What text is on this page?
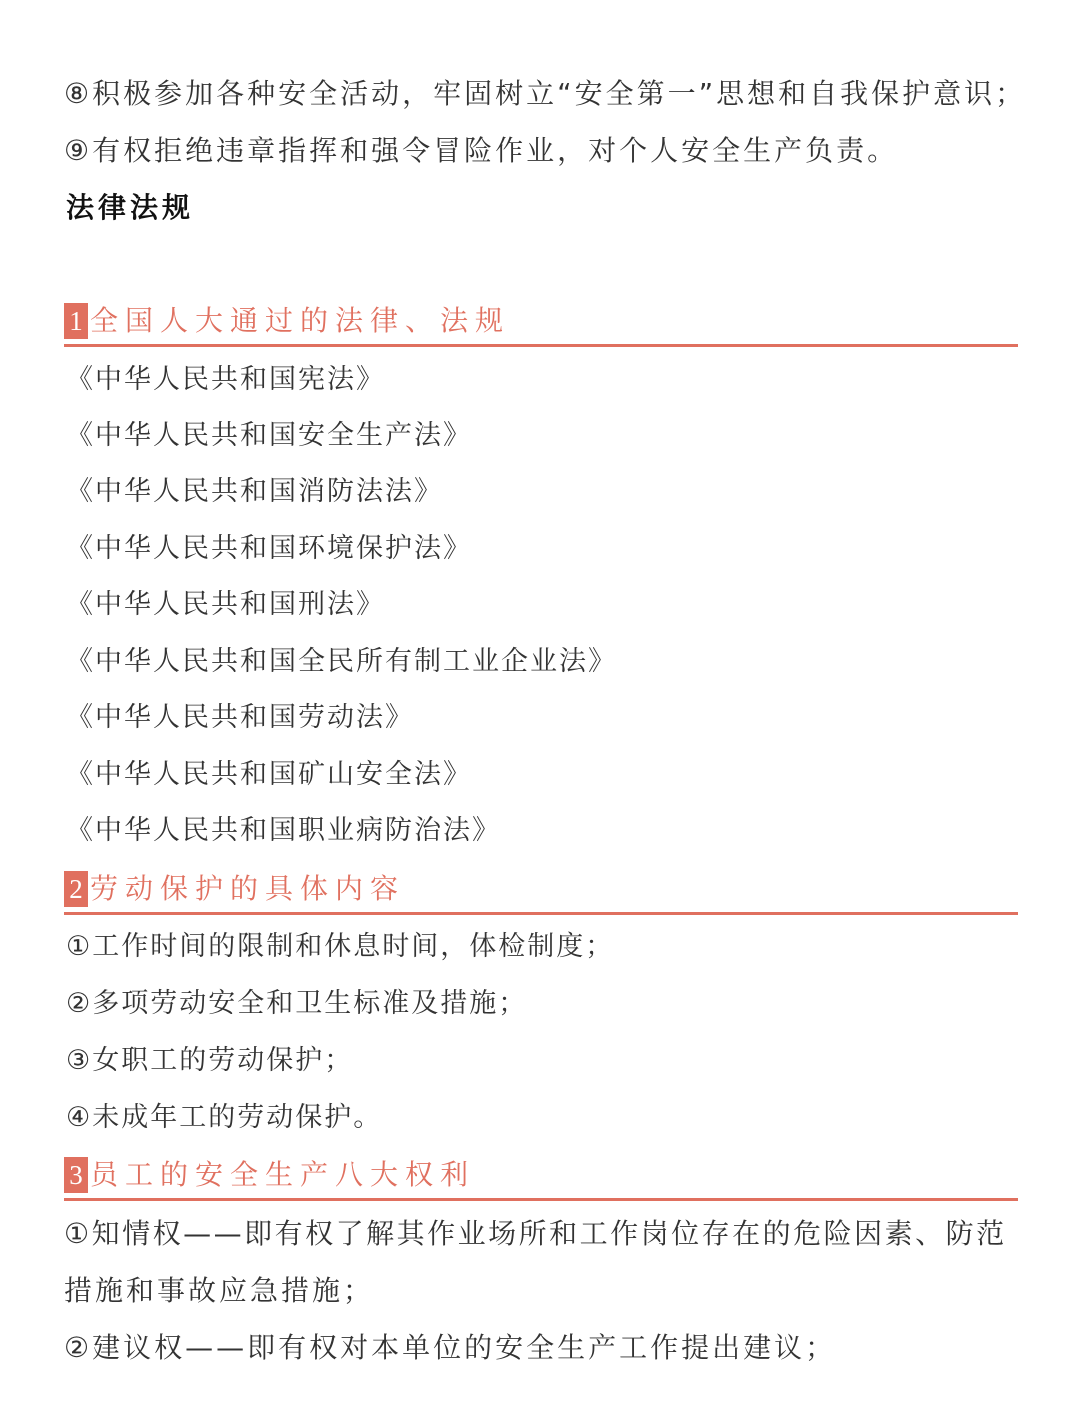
⑧积极参加各种安全活动，牢固树立“安全第一”思想和自我保护意识；
⑨有权拒绝违章指挥和强令冒险作业，对个人安全生产负责。
法律法规
1 全国人大通过的法律、法规
《中华人民共和国宪法》
《中华人民共和国安全生产法》
《中华人民共和国消防法法》
《中华人民共和国环境保护法》
《中华人民共和国刑法》
《中华人民共和国全民所有制工业企业法》
《中华人民共和国劳动法》
《中华人民共和国矿山安全法》
《中华人民共和国职业病防治法》
2 劳动保护的具体内容
①工作时间的限制和休息时间，体检制度；
②多项劳动安全和卫生标准及措施；
③女职工的劳动保护；
④未成年工的劳动保护。
3 员工的安全生产八大权利
①知情权——即有权了解其作业场所和工作岗位存在的危险因素、防范
措施和事故应急措施；
②建议权——即有权对本单位的安全生产工作提出建议；
